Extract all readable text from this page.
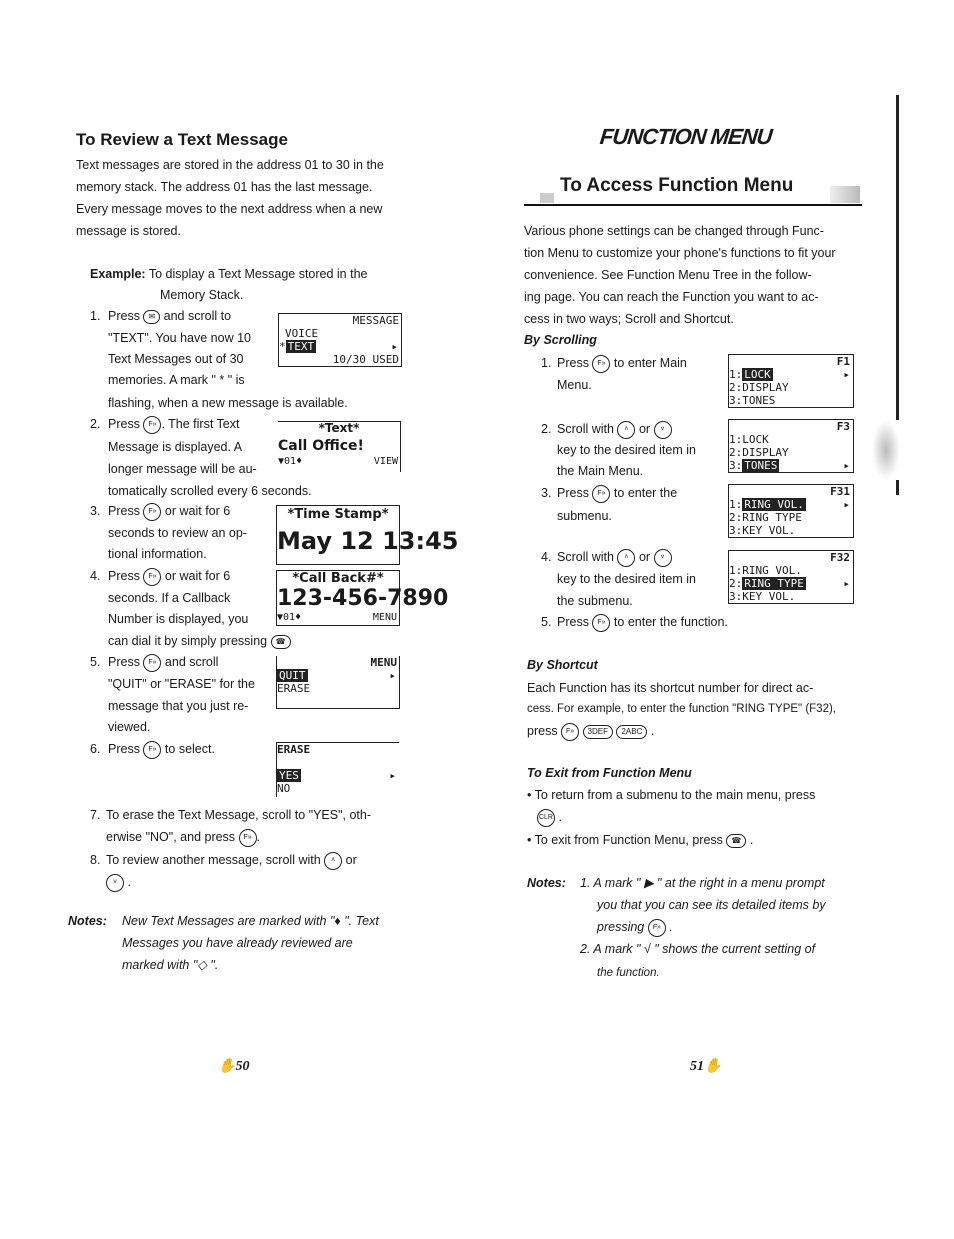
To Review a Text Message
Text messages are stored in the address 01 to 30 in the
memory stack. The address 01 has the last message.
Every message moves to the next address when a new
message is stored.
Example: To display a Text Message stored in the
Memory Stack.
1. Press ✉ and scroll to
"TEXT". You have now 10
Text Messages out of 30
memories. A mark " * " is
flashing, when a new message is available.
MESSAGE
VOICE
* TEXT	▸
10/30 USED
2. Press F» . The first Text
Message is displayed. A
longer message will be au-
tomatically scrolled every 6 seconds.
*Text*
Call Office!
▼01♦	VIEW
3. Press F» or wait for 6
seconds to review an op-
tional information.
*Time Stamp*
May 12 13:45
4. Press F» or wait for 6
seconds. If a Callback
Number is displayed, you
can dial it by simply pressing ☎
*Call Back#*
123-456-7890
▼01♦	MENU
5. Press F» and scroll
"QUIT" or "ERASE" for the
message that you just re-
viewed.
MENU
QUIT	▸
ERASE
6. Press F» to select.	ERASE
YES	▸
NO
7. To erase the Text Message, scroll to "YES", oth-
erwise "NO", and press F» .
8. To review another message, scroll with ˄ or
˅ .
Notes: New Text Messages are marked with "♦ ". Text
Messages you have already reviewed are
marked with "◇ ".
✋50
FUNCTION MENU
To Access Function Menu
Various phone settings can be changed through Func-
tion Menu to customize your phone's functions to fit your
convenience. See Function Menu Tree in the follow-
ing page. You can reach the Function you want to ac-
cess in two ways; Scroll and Shortcut.
By Scrolling
1. Press F» to enter Main
Menu.
F1
1: LOCK	▸
2:DISPLAY
3:TONES
2. Scroll with ˄ or ˅
key to the desired item in
the Main Menu.
F3
1:LOCK
2:DISPLAY
3: TONES	▸
3. Press F» to enter the
submenu.
F31
1: RING VOL.	▸
2:RING TYPE
3:KEY VOL.
4. Scroll with ˄ or ˅
key to the desired item in
the submenu.
F32
1:RING VOL.
2: RING TYPE	▸
3:KEY VOL.
5. Press F» to enter the function.
By Shortcut
Each Function has its shortcut number for direct ac-
cess. For example, to enter the function "RING TYPE" (F32),
press F» 3DEF 2ABC .
To Exit from Function Menu
• To return from a submenu to the main menu, press
CLR .
• To exit from Function Menu, press ☎ .
Notes: 1. A mark " ▶ " at the right in a menu prompt
you that you can see its detailed items by
pressing F» .
2. A mark " √ " shows the current setting of
the function.
51✋
